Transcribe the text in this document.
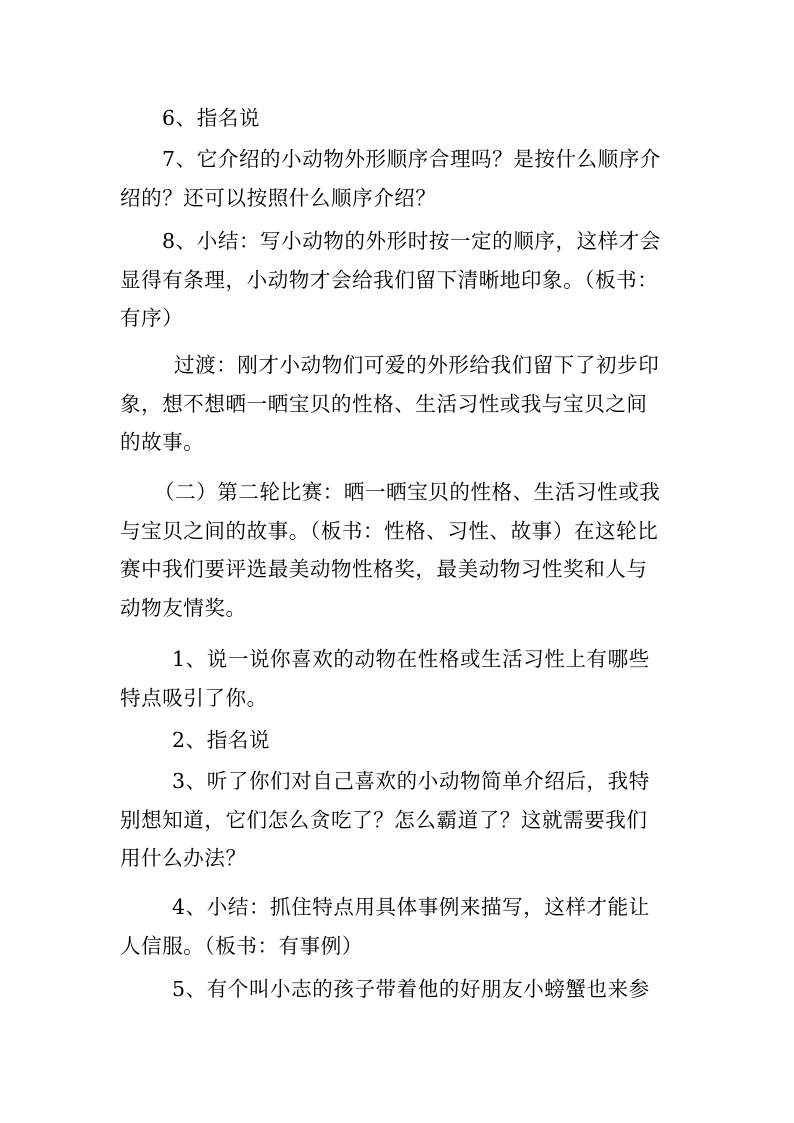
6、指名说

7、它介绍的小动物外形顺序合理吗？是按什么顺序介绍的？还可以按照什么顺序介绍？

8、小结：写小动物的外形时按一定的顺序，这样才会显得有条理，小动物才会给我们留下清晰地印象。（板书：有序）

过渡：刚才小动物们可爱的外形给我们留下了初步印象，想不想晒一晒宝贝的性格、生活习性或我与宝贝之间的故事。

（二）第二轮比赛：晒一晒宝贝的性格、生活习性或我与宝贝之间的故事。（板书：性格、习性、故事）在这轮比赛中我们要评选最美动物性格奖，最美动物习性奖和人与动物友情奖。

1、说一说你喜欢的动物在性格或生活习性上有哪些特点吸引了你。

2、指名说

3、听了你们对自己喜欢的小动物简单介绍后，我特别想知道，它们怎么贪吃了？怎么霸道了？这就需要我们用什么办法？

4、小结：抓住特点用具体事例来描写，这样才能让人信服。（板书：有事例）

5、有个叫小志的孩子带着他的好朋友小螃蟹也来参
